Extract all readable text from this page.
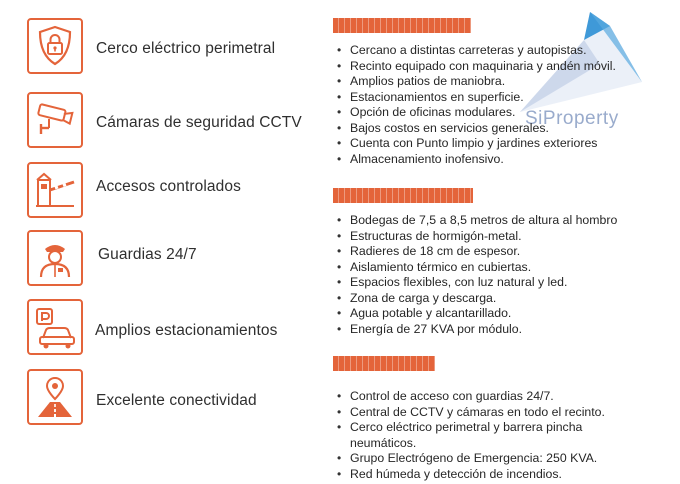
Cerco eléctrico perimetral
Cámaras de seguridad CCTV
Accesos controlados
Guardias 24/7
Amplios estacionamientos
Excelente conectividad
SiProperty
• Cercano a distintas carreteras y autopistas.
• Recinto equipado con maquinaria y andén móvil.
• Amplios patios de maniobra.
• Estacionamientos en superficie.
• Opción de oficinas modulares.
• Bajos costos en servicios generales.
• Cuenta con Punto limpio y jardines exteriores
• Almacenamiento inofensivo.
• Bodegas de 7,5 a 8,5 metros de altura al hombro
• Estructuras de hormigón-metal.
• Radieres de 18 cm de espesor.
• Aislamiento térmico en cubiertas.
• Espacios flexibles, con luz natural y led.
• Zona de carga y descarga.
• Agua potable y alcantarillado.
• Energía de 27 KVA por módulo.
• Control de acceso con guardias 24/7.
• Central de CCTV y cámaras en todo el recinto.
• Cerco eléctrico perimetral y barrera pincha
neumáticos.
• Grupo Electrógeno de Emergencia: 250 KVA.
• Red húmeda y detección de incendios.
